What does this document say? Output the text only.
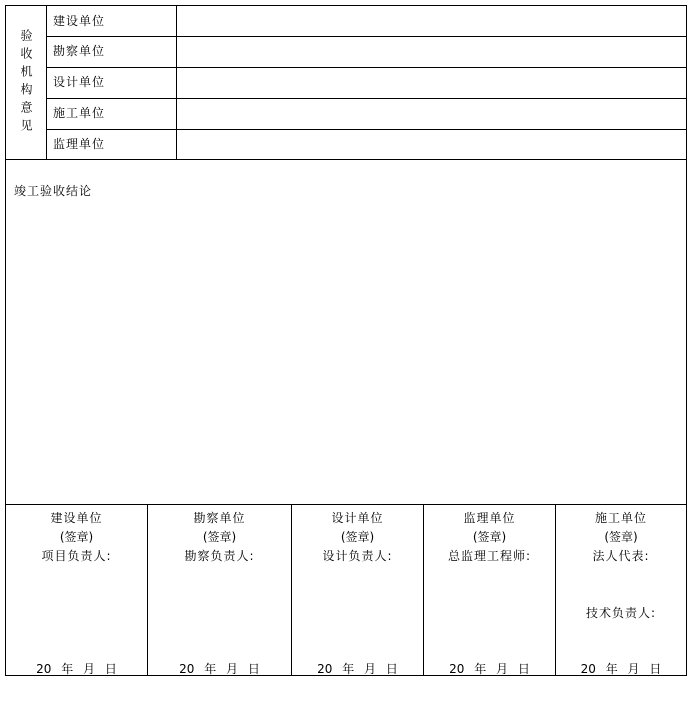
验收机构意见
建设单位
勘察单位
设计单位
施工单位
监理单位
竣工验收结论
建设单位
(签章)
项目负责人:
20 年 月 日
勘察单位
(签章)
勘察负责人:
20 年 月 日
设计单位
(签章)
设计负责人:
20 年 月 日
监理单位
(签章)
总监理工程师:
20 年 月 日
施工单位
(签章)
法人代表:
技术负责人:
20 年 月 日
